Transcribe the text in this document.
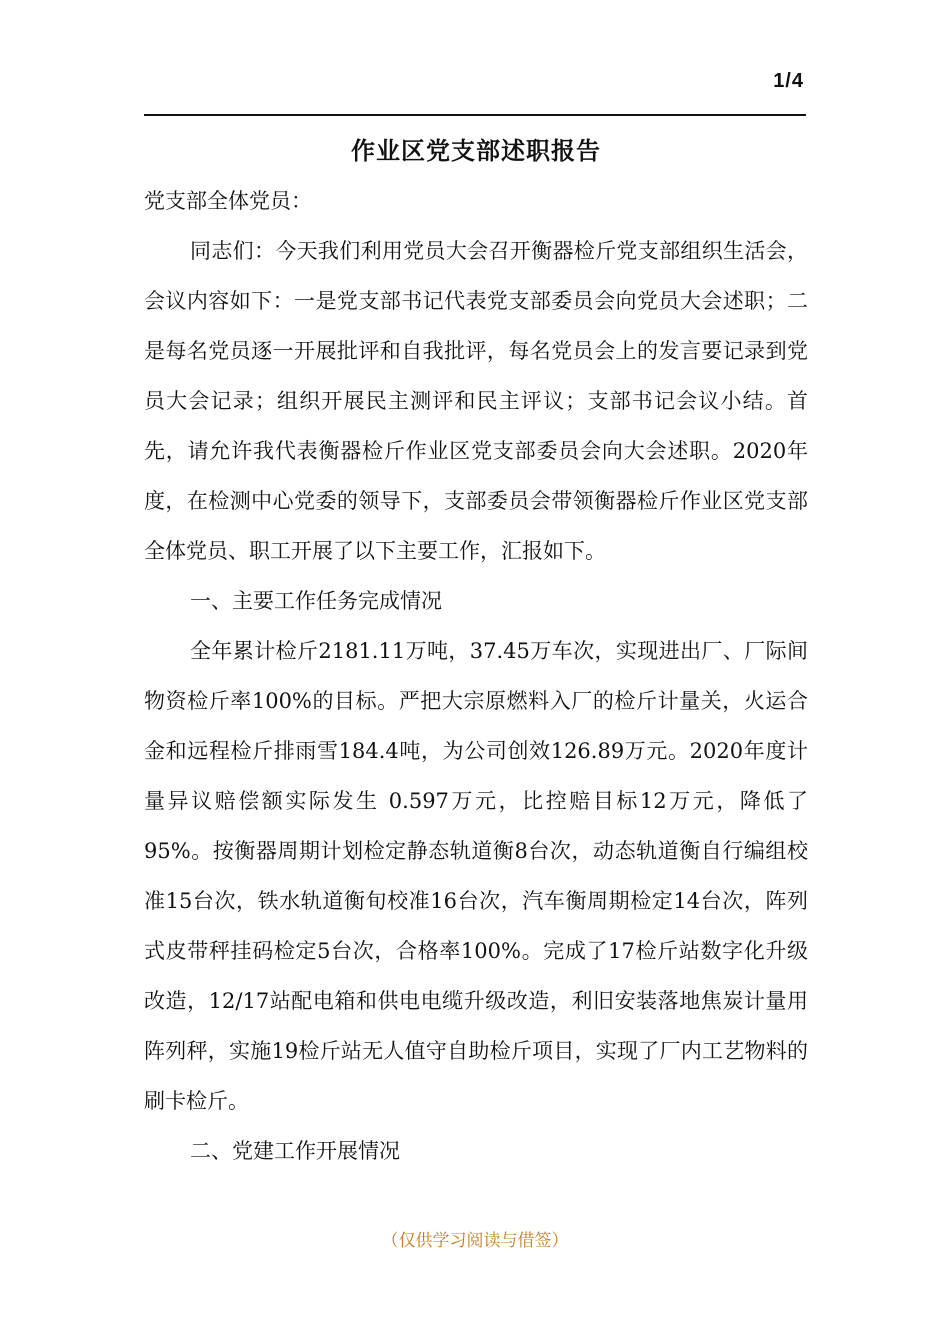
1/4
作业区党支部述职报告

党支部全体党员：

同志们：今天我们利用党员大会召开衡器检斤党支部组织生活会，会议内容如下：一是党支部书记代表党支部委员会向党员大会述职；二是每名党员逐一开展批评和自我批评，每名党员会上的发言要记录到党员大会记录；组织开展民主测评和民主评议；支部书记会议小结。首先，请允许我代表衡器检斤作业区党支部委员会向大会述职。2020年度，在检测中心党委的领导下，支部委员会带领衡器检斤作业区党支部全体党员、职工开展了以下主要工作，汇报如下。

一、主要工作任务完成情况

全年累计检斤2181.11万吨，37.45万车次，实现进出厂、厂际间物资检斤率100%的目标。严把大宗原燃料入厂的检斤计量关，火运合金和远程检斤排雨雪184.4吨，为公司创效126.89万元。2020年度计量异议赔偿额实际发生 0.597万元，比控赔目标12万元，降低了95%。按衡器周期计划检定静态轨道衡8台次，动态轨道衡自行编组校准15台次，铁水轨道衡旬校准16台次，汽车衡周期检定14台次，阵列式皮带秤挂码检定5台次，合格率100%。完成了17检斤站数字化升级改造，12/17站配电箱和供电电缆升级改造，利旧安装落地焦炭计量用阵列秤，实施19检斤站无人值守自助检斤项目，实现了厂内工艺物料的刷卡检斤。

二、党建工作开展情况

（仅供学习阅读与借签）
